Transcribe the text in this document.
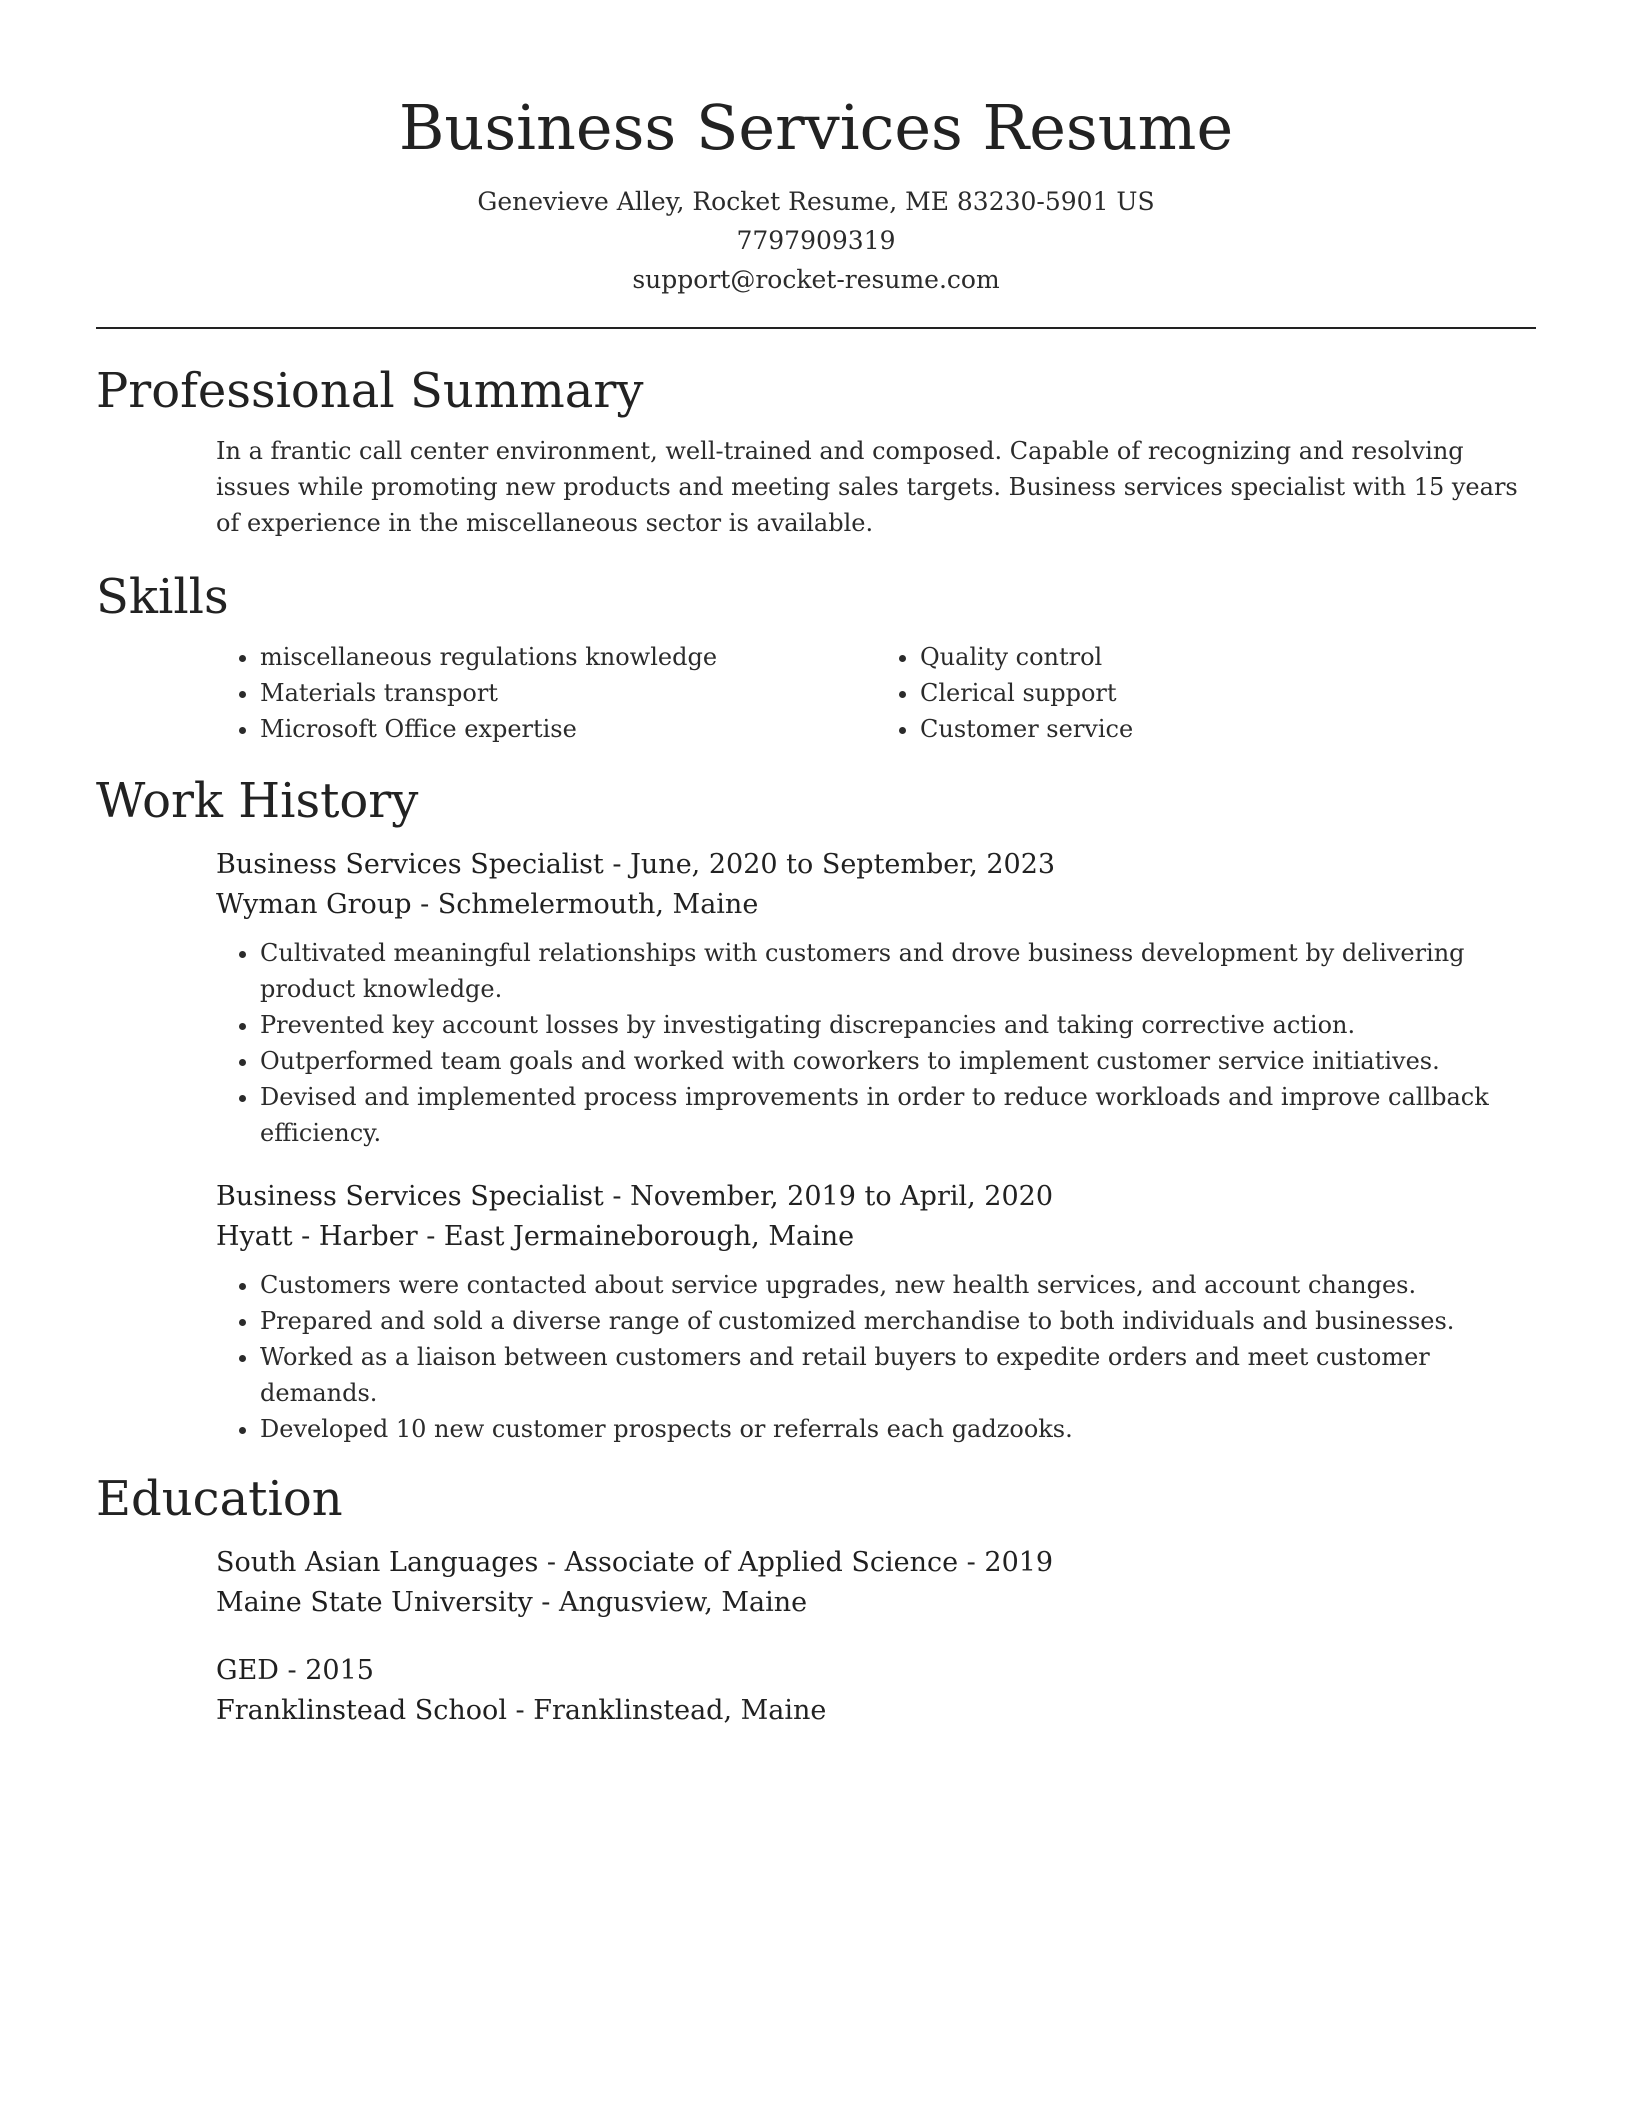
Business Services Resume
Genevieve Alley, Rocket Resume, ME 83230-5901 US
7797909319
support@rocket-resume.com
Professional Summary

In a frantic call center environment, well-trained and composed. Capable of recognizing and resolving issues while promoting new products and meeting sales targets. Business services specialist with 15 years of experience in the miscellaneous sector is available.

Skills
• miscellaneous regulations knowledge
• Materials transport
• Microsoft Office expertise
• Quality control
• Clerical support
• Customer service
Work History
Business Services Specialist - June, 2020 to September, 2023
Wyman Group - Schmelermouth, Maine
• Cultivated meaningful relationships with customers and drove business development by delivering product knowledge.
• Prevented key account losses by investigating discrepancies and taking corrective action.
• Outperformed team goals and worked with coworkers to implement customer service initiatives.
• Devised and implemented process improvements in order to reduce workloads and improve callback efficiency.
Business Services Specialist - November, 2019 to April, 2020
Hyatt - Harber - East Jermaineborough, Maine
• Customers were contacted about service upgrades, new health services, and account changes.
• Prepared and sold a diverse range of customized merchandise to both individuals and businesses.
• Worked as a liaison between customers and retail buyers to expedite orders and meet customer demands.
• Developed 10 new customer prospects or referrals each gadzooks.
Education
South Asian Languages - Associate of Applied Science - 2019
Maine State University - Angusview, Maine
GED - 2015
Franklinstead School - Franklinstead, Maine
